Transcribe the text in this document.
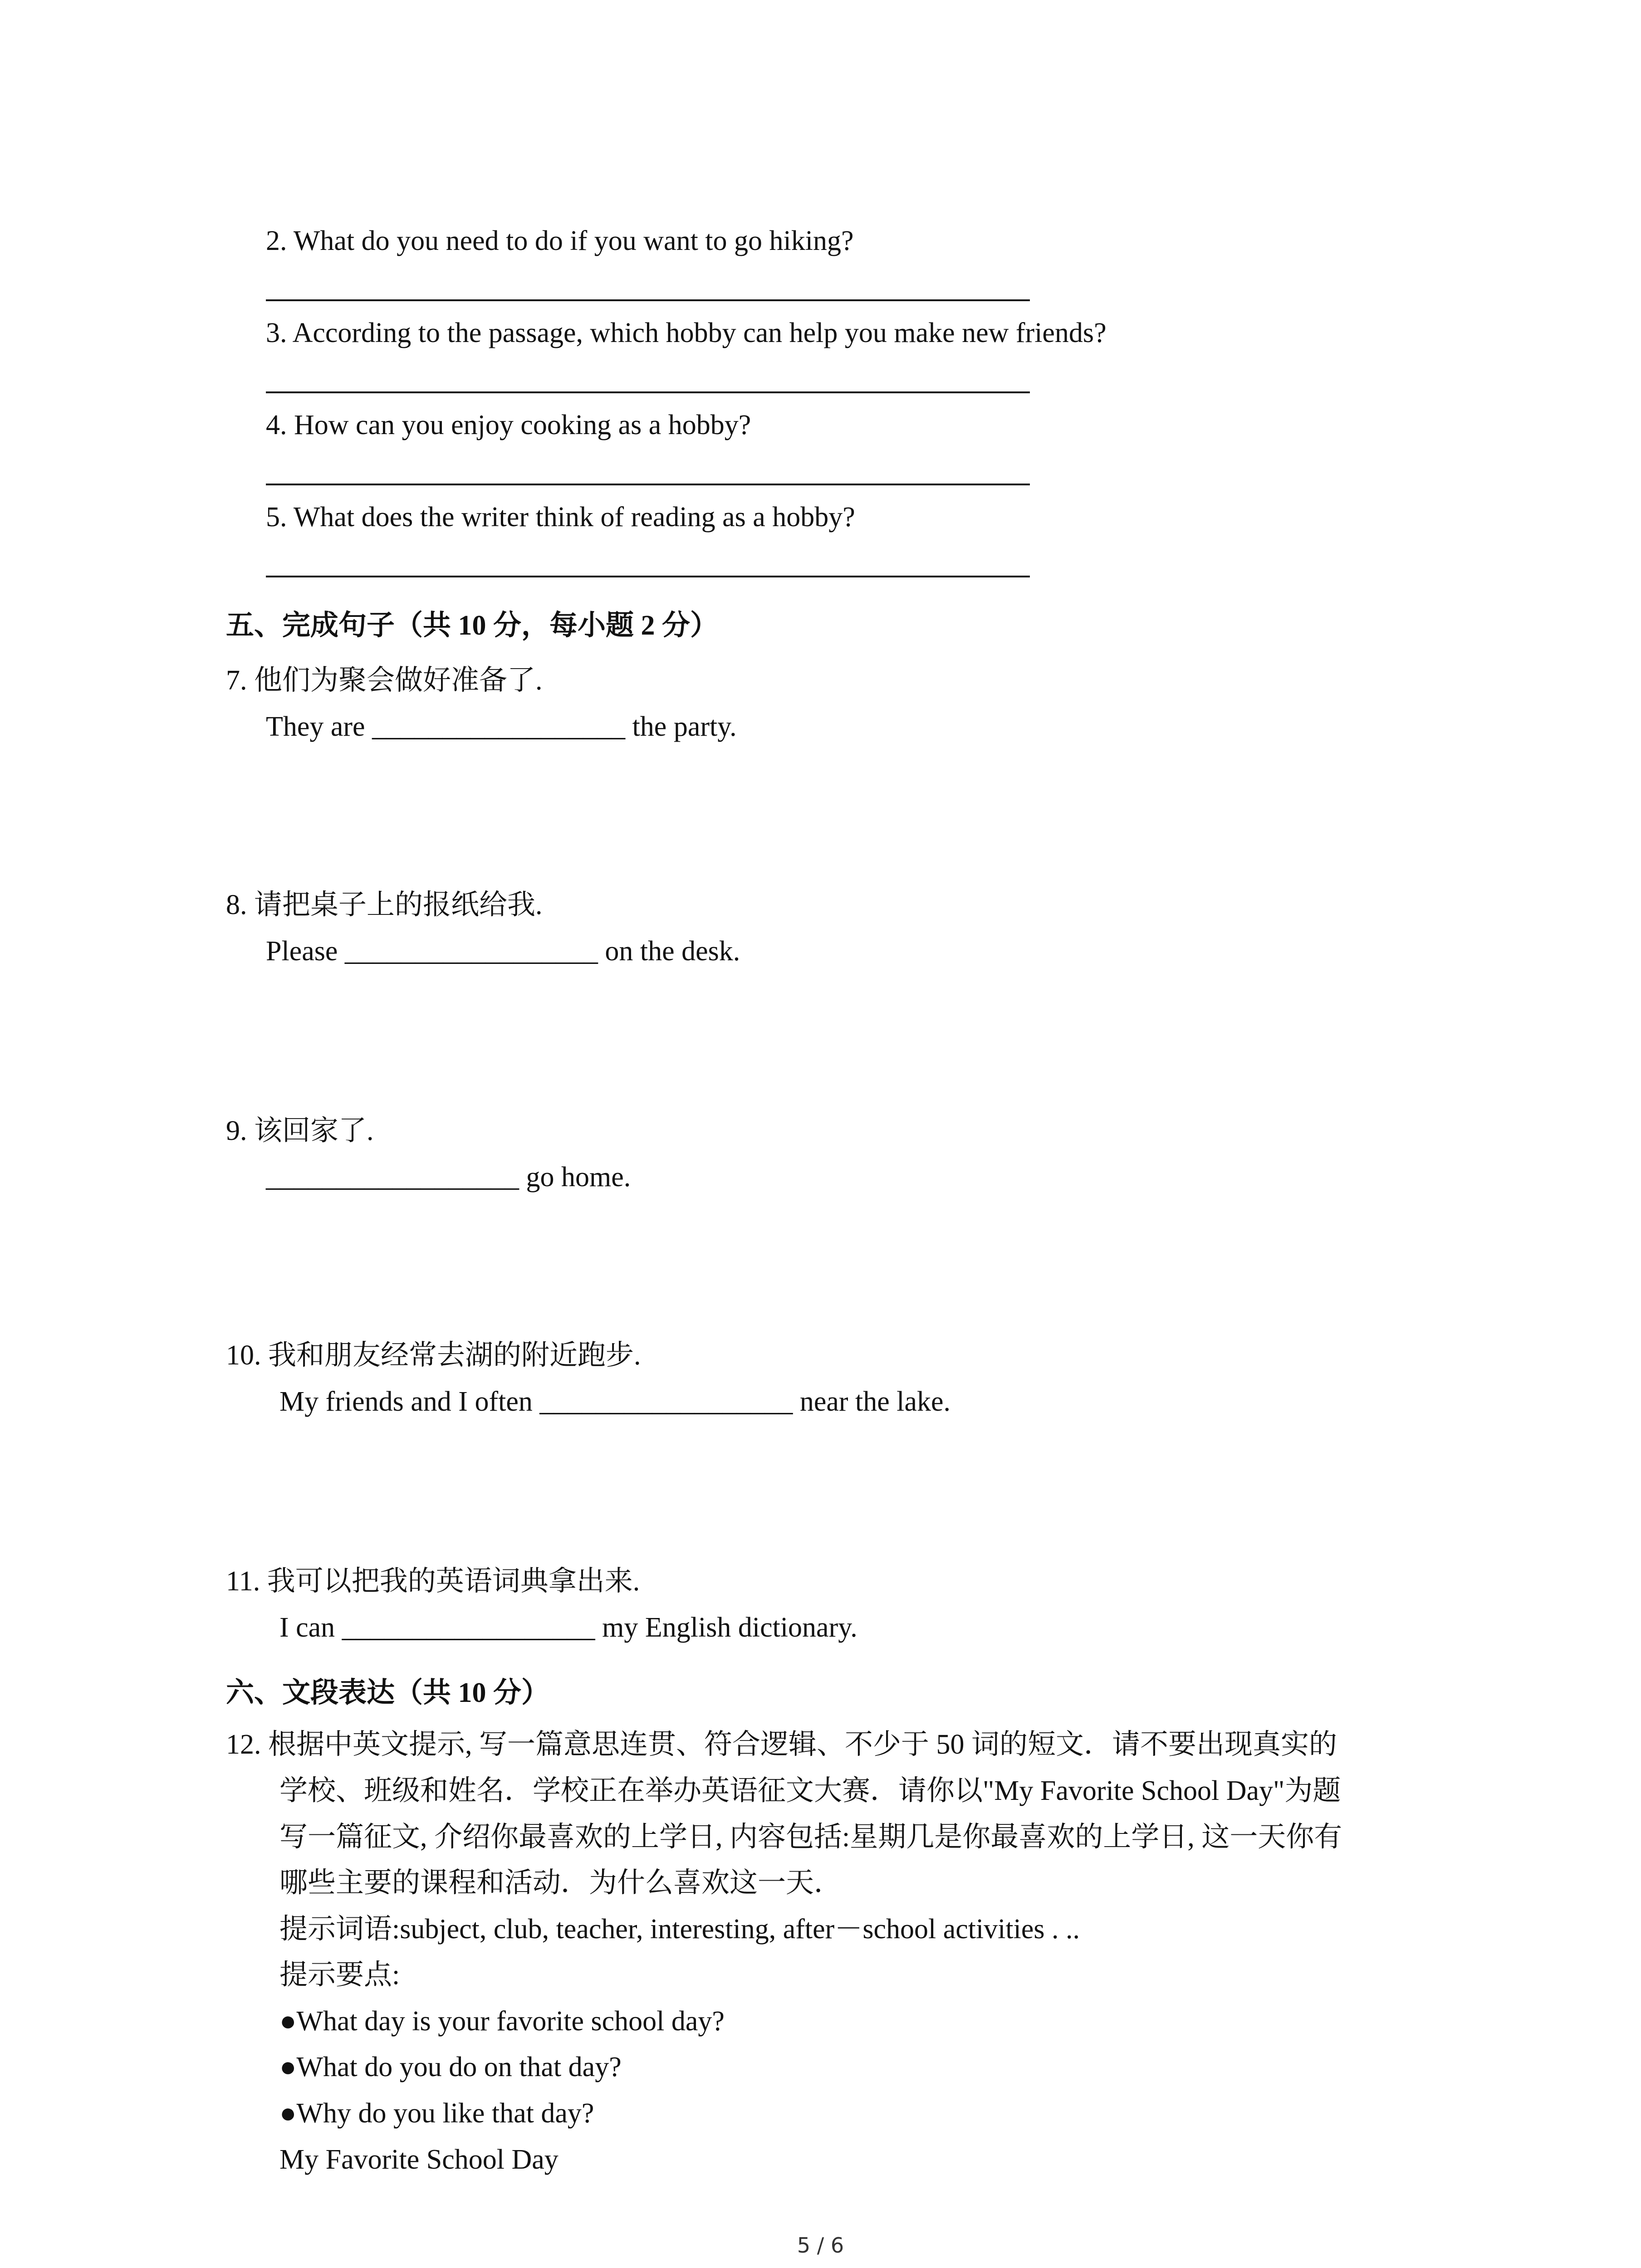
2. What do you need to do if you want to go hiking?
3. According to the passage, which hobby can help you make new friends?
4. How can you enjoy cooking as a hobby?
5. What does the writer think of reading as a hobby?
五、完成句子（共 10 分，每小题 2 分）
7. 他们为聚会做好准备了.
They are __________________ the party.
8. 请把桌子上的报纸给我.
Please __________________ on the desk.
9. 该回家了.
__________________ go home.
10. 我和朋友经常去湖的附近跑步.
My friends and I often __________________ near the lake.
11. 我可以把我的英语词典拿出来.
I can __________________ my English dictionary.
六、文段表达（共 10 分）
12. 根据中英文提示, 写一篇意思连贯、符合逻辑、不少于 50 词的短文．请不要出现真实的
学校、班级和姓名．学校正在举办英语征文大赛．请你以"My Favorite School Day"为题
写一篇征文, 介绍你最喜欢的上学日, 内容包括:星期几是你最喜欢的上学日, 这一天你有
哪些主要的课程和活动．为什么喜欢这一天．
提示词语:subject, club, teacher, interesting, after－school activities . ..
提示要点:
●What day is your favorite school day?
●What do you do on that day?
●Why do you like that day?
My Favorite School Day
5 / 6
